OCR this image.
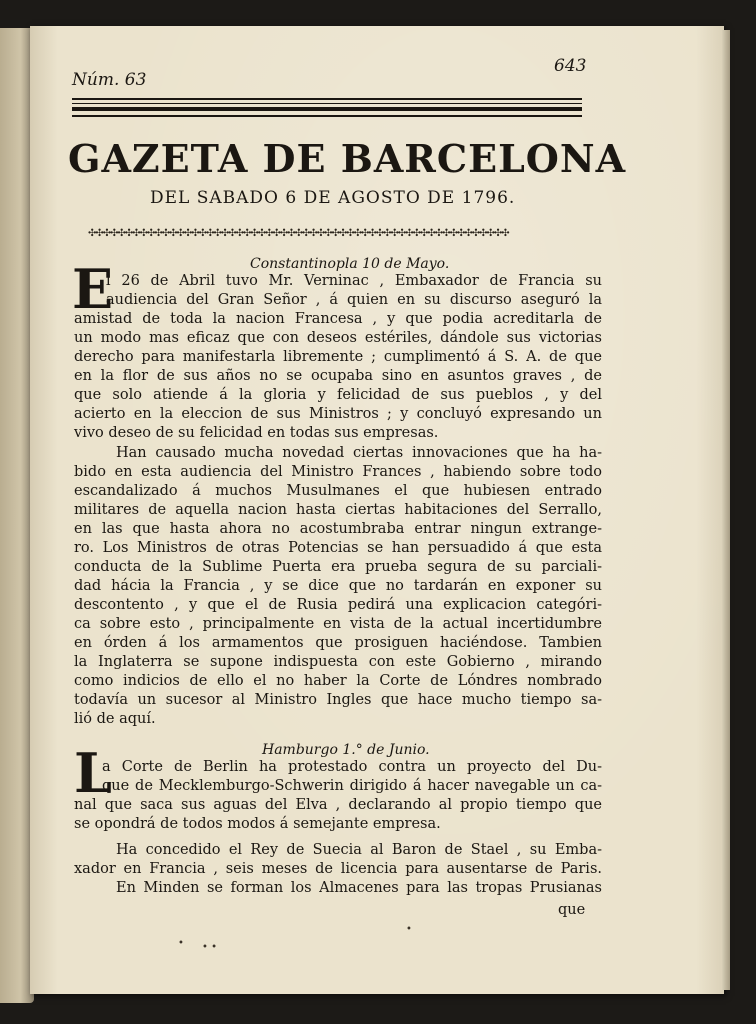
Núm. 63
643
GAZETA DE BARCELONA
DEL SABADO 6 DE AGOSTO DE 1796.
✣✣✣✣✣✣✣✣✣✣✣✣✣✣✣✣✣✣✣✣✣✣✣✣✣✣✣✣✣✣✣✣✣✣✣✣✣✣✣✣✣✣✣✣✣✣✣✣✣✣✣✣✣✣✣✣✣
Constantinopla 10 de Mayo.
E
l 26 de Abril tuvo Mr. Verninac , Embaxador de Francia su
audiencia del Gran Señor , á quien en su discurso aseguró la
amistad de toda la nacion Francesa , y que podia acreditarla de
un modo mas eficaz que con deseos estériles, dándole sus victorias
derecho para manifestarla libremente ; cumplimentó á S. A. de que
en la flor de sus años no se ocupaba sino en asuntos graves , de
que solo atiende á la gloria y felicidad de sus pueblos , y del
acierto en la eleccion de sus Ministros ; y concluyó expresando un
vivo deseo de su felicidad en todas sus empresas.
Han causado mucha novedad ciertas innovaciones que ha ha-
bido en esta audiencia del Ministro Frances , habiendo sobre todo
escandalizado á muchos Musulmanes el que hubiesen entrado
militares de aquella nacion hasta ciertas habitaciones del Serrallo,
en las que hasta ahora no acostumbraba entrar ningun extrange-
ro. Los Ministros de otras Potencias se han persuadido á que esta
conducta de la Sublime Puerta era prueba segura de su parciali-
dad hácia la Francia , y se dice que no tardarán en exponer su
descontento , y que el de Rusia pedirá una explicacion categóri-
ca sobre esto , principalmente en vista de la actual incertidumbre
en órden á los armamentos que prosiguen haciéndose. Tambien
la Inglaterra se supone indispuesta con este Gobierno , mirando
como indicios de ello el no haber la Corte de Lóndres nombrado
todavía un sucesor al Ministro Ingles que hace mucho tiempo sa-
lió de aquí.
Hamburgo 1.° de Junio.
L
a Corte de Berlin ha protestado contra un proyecto del Du-
que de Mecklemburgo-Schwerin dirigido á hacer navegable un ca-
nal que saca sus aguas del Elva , declarando al propio tiempo que
se opondrá de todos modos á semejante empresa.
Ha concedido el Rey de Suecia al Baron de Stael , su Emba-
xador en Francia , seis meses de licencia para ausentarse de Paris.
En Minden se forman los Almacenes para las tropas Prusianas
que
• • •
•
